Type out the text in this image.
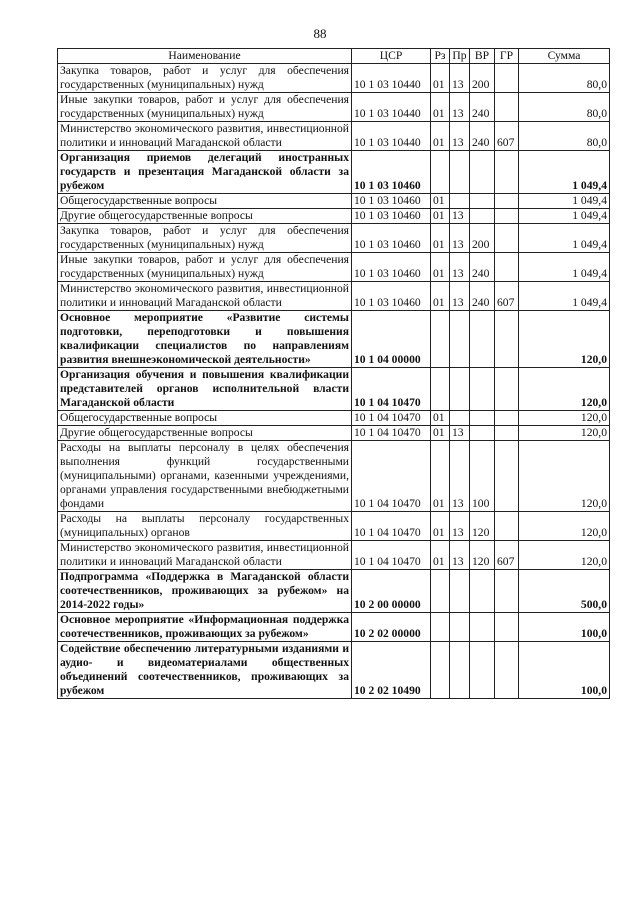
88
Наименование	ЦСР	Рз	Пр	ВР	ГР	Сумма
Закупка товаров, работ и услуг для обеспечения государственных (муниципальных) нужд	10 1 03 10440	01	13	200		80,0
Иные закупки товаров, работ и услуг для обеспечения государственных (муниципальных) нужд	10 1 03 10440	01	13	240		80,0
Министерство экономического развития, инвестиционной политики и инноваций Магаданской области	10 1 03 10440	01	13	240	607	80,0
Организация приемов делегаций иностранных государств и презентация Магаданской области за рубежом	10 1 03 10460					1 049,4
Общегосударственные вопросы	10 1 03 10460	01				1 049,4
Другие общегосударственные вопросы	10 1 03 10460	01	13			1 049,4
Закупка товаров, работ и услуг для обеспечения государственных (муниципальных) нужд	10 1 03 10460	01	13	200		1 049,4
Иные закупки товаров, работ и услуг для обеспечения государственных (муниципальных) нужд	10 1 03 10460	01	13	240		1 049,4
Министерство экономического развития, инвестиционной политики и инноваций Магаданской области	10 1 03 10460	01	13	240	607	1 049,4
Основное мероприятие «Развитие системы подготовки, переподготовки и повышения квалификации специалистов по направлениям развития внешнеэкономической деятельности»	10 1 04 00000					120,0
Организация обучения и повышения квалификации представителей органов исполнительной власти Магаданской области	10 1 04 10470					120,0
Общегосударственные вопросы	10 1 04 10470	01				120,0
Другие общегосударственные вопросы	10 1 04 10470	01	13			120,0
Расходы на выплаты персоналу в целях обеспечения выполнения функций государственными (муниципальными) органами, казенными учреждениями, органами управления государственными внебюджетными фондами	10 1 04 10470	01	13	100		120,0
Расходы на выплаты персоналу государственных (муниципальных) органов	10 1 04 10470	01	13	120		120,0
Министерство экономического развития, инвестиционной политики и инноваций Магаданской области	10 1 04 10470	01	13	120	607	120,0
Подпрограмма «Поддержка в Магаданской области соотечественников, проживающих за рубежом» на 2014-2022 годы»	10 2 00 00000					500,0
Основное мероприятие «Информационная поддержка соотечественников, проживающих за рубежом»	10 2 02 00000					100,0
Содействие обеспечению литературными изданиями и аудио- и видеоматериалами общественных объединений соотечественников, проживающих за рубежом	10 2 02 10490					100,0
